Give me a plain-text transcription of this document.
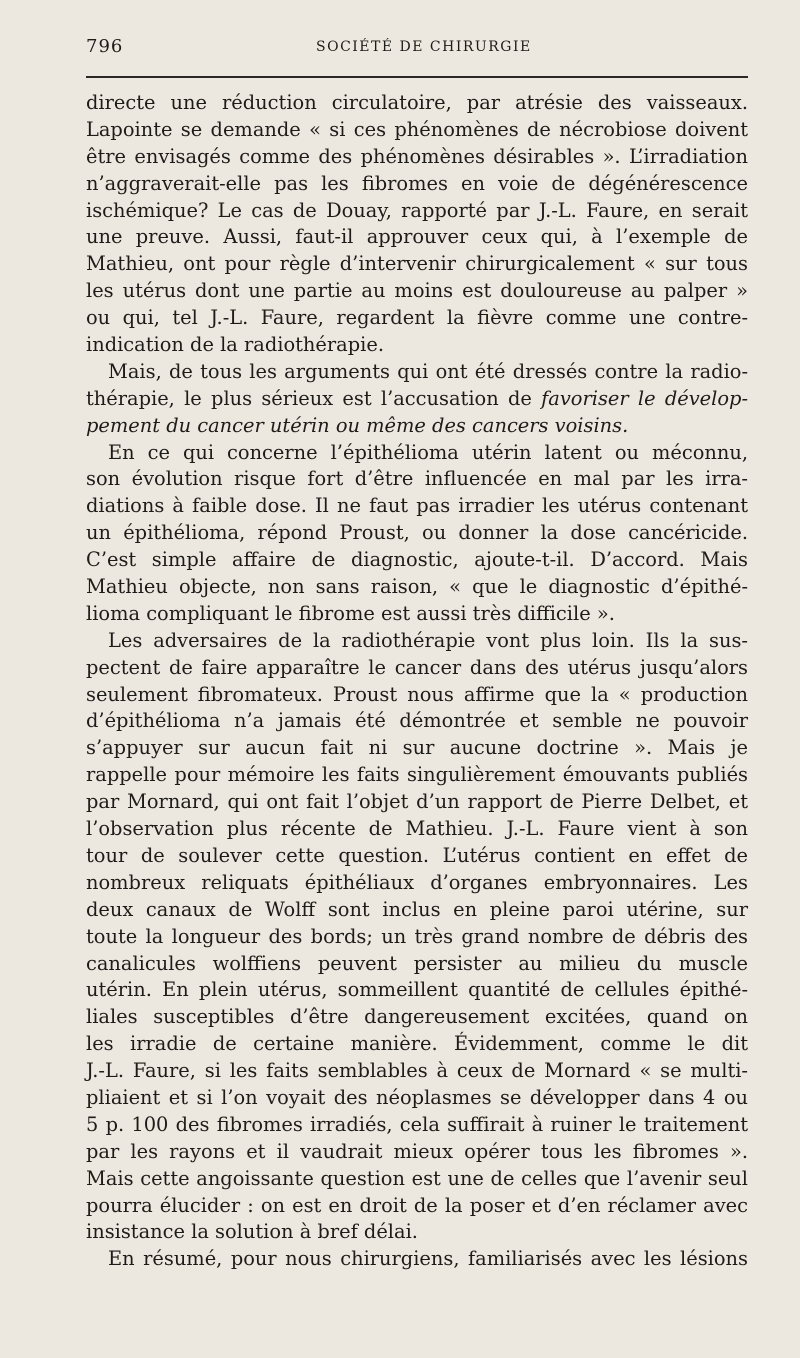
796	SOCIÉTÉ DE CHIRURGIE
directe une réduction circulatoire, par atrésie des vaisseaux.
Lapointe se demande « si ces phénomènes de nécrobiose doivent
être envisagés comme des phénomènes désirables ». L’irradiation
n’aggraverait-elle pas les fibromes en voie de dégénérescence
ischémique? Le cas de Douay, rapporté par J.-L. Faure, en serait
une preuve. Aussi, faut-il approuver ceux qui, à l’exemple de
Mathieu, ont pour règle d’intervenir chirurgicalement « sur tous
les utérus dont une partie au moins est douloureuse au palper »
ou qui, tel J.-L. Faure, regardent la fièvre comme une contre-
indication de la radiothérapie.
Mais, de tous les arguments qui ont été dressés contre la radio-
thérapie, le plus sérieux est l’accusation de favoriser le dévelop-
pement du cancer utérin ou même des cancers voisins.
En ce qui concerne l’épithélioma utérin latent ou méconnu,
son évolution risque fort d’être influencée en mal par les irra-
diations à faible dose. Il ne faut pas irradier les utérus contenant
un épithélioma, répond Proust, ou donner la dose cancéricide.
C’est simple affaire de diagnostic, ajoute-t-il. D’accord. Mais
Mathieu objecte, non sans raison, « que le diagnostic d’épithé-
lioma compliquant le fibrome est aussi très difficile ».
Les adversaires de la radiothérapie vont plus loin. Ils la sus-
pectent de faire apparaître le cancer dans des utérus jusqu’alors
seulement fibromateux. Proust nous affirme que la « production
d’épithélioma n’a jamais été démontrée et semble ne pouvoir
s’appuyer sur aucun fait ni sur aucune doctrine ». Mais je
rappelle pour mémoire les faits singulièrement émouvants publiés
par Mornard, qui ont fait l’objet d’un rapport de Pierre Delbet, et
l’observation plus récente de Mathieu. J.-L. Faure vient à son
tour de soulever cette question. L’utérus contient en effet de
nombreux reliquats épithéliaux d’organes embryonnaires. Les
deux canaux de Wolff sont inclus en pleine paroi utérine, sur
toute la longueur des bords; un très grand nombre de débris des
canalicules wolffiens peuvent persister au milieu du muscle
utérin. En plein utérus, sommeillent quantité de cellules épithé-
liales susceptibles d’être dangereusement excitées, quand on
les irradie de certaine manière. Évidemment, comme le dit
J.-L. Faure, si les faits semblables à ceux de Mornard « se multi-
pliaient et si l’on voyait des néoplasmes se développer dans 4 ou
5 p. 100 des fibromes irradiés, cela suffirait à ruiner le traitement
par les rayons et il vaudrait mieux opérer tous les fibromes ».
Mais cette angoissante question est une de celles que l’avenir seul
pourra élucider : on est en droit de la poser et d’en réclamer avec
insistance la solution à bref délai.
En résumé, pour nous chirurgiens, familiarisés avec les lésions
